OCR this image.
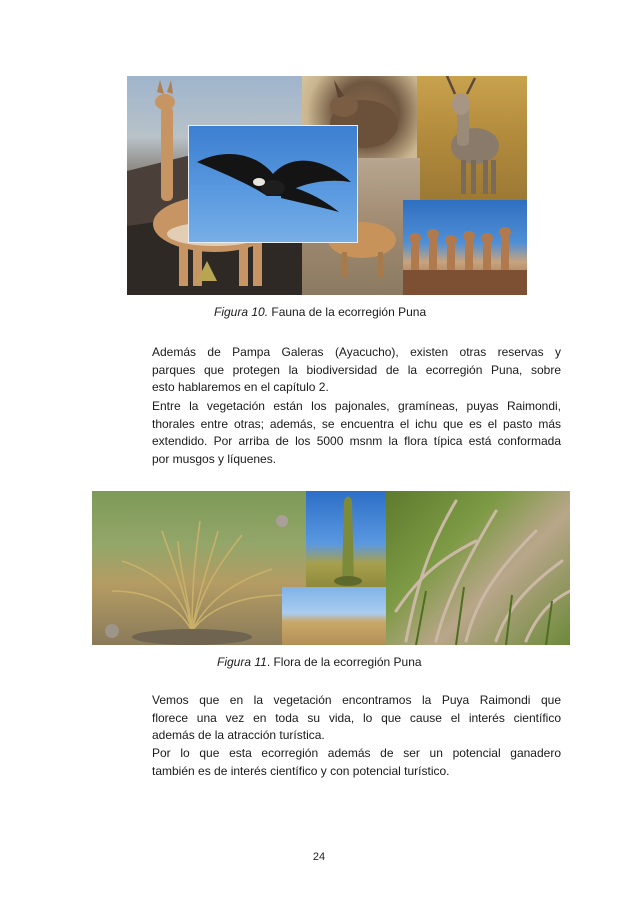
Figura 10. Fauna de la ecorregión Puna

Además de Pampa Galeras (Ayacucho), existen otras reservas y
parques que protegen la biodiversidad de la ecorregión Puna, sobre
esto hablaremos en el capítulo 2.

Entre la vegetación están los pajonales, gramíneas, puyas Raimondi,
thorales entre otras; además, se encuentra el ichu que es el pasto más
extendido. Por arriba de los 5000 msnm la flora típica está conformada
por musgos y líquenes.

Figura 11. Flora de la ecorregión Puna

Vemos que en la vegetación encontramos la Puya Raimondi que
florece una vez en toda su vida, lo que cause el interés científico
además de la atracción turística.

Por lo que esta ecorregión además de ser un potencial ganadero
también es de interés científico y con potencial turístico.

24
